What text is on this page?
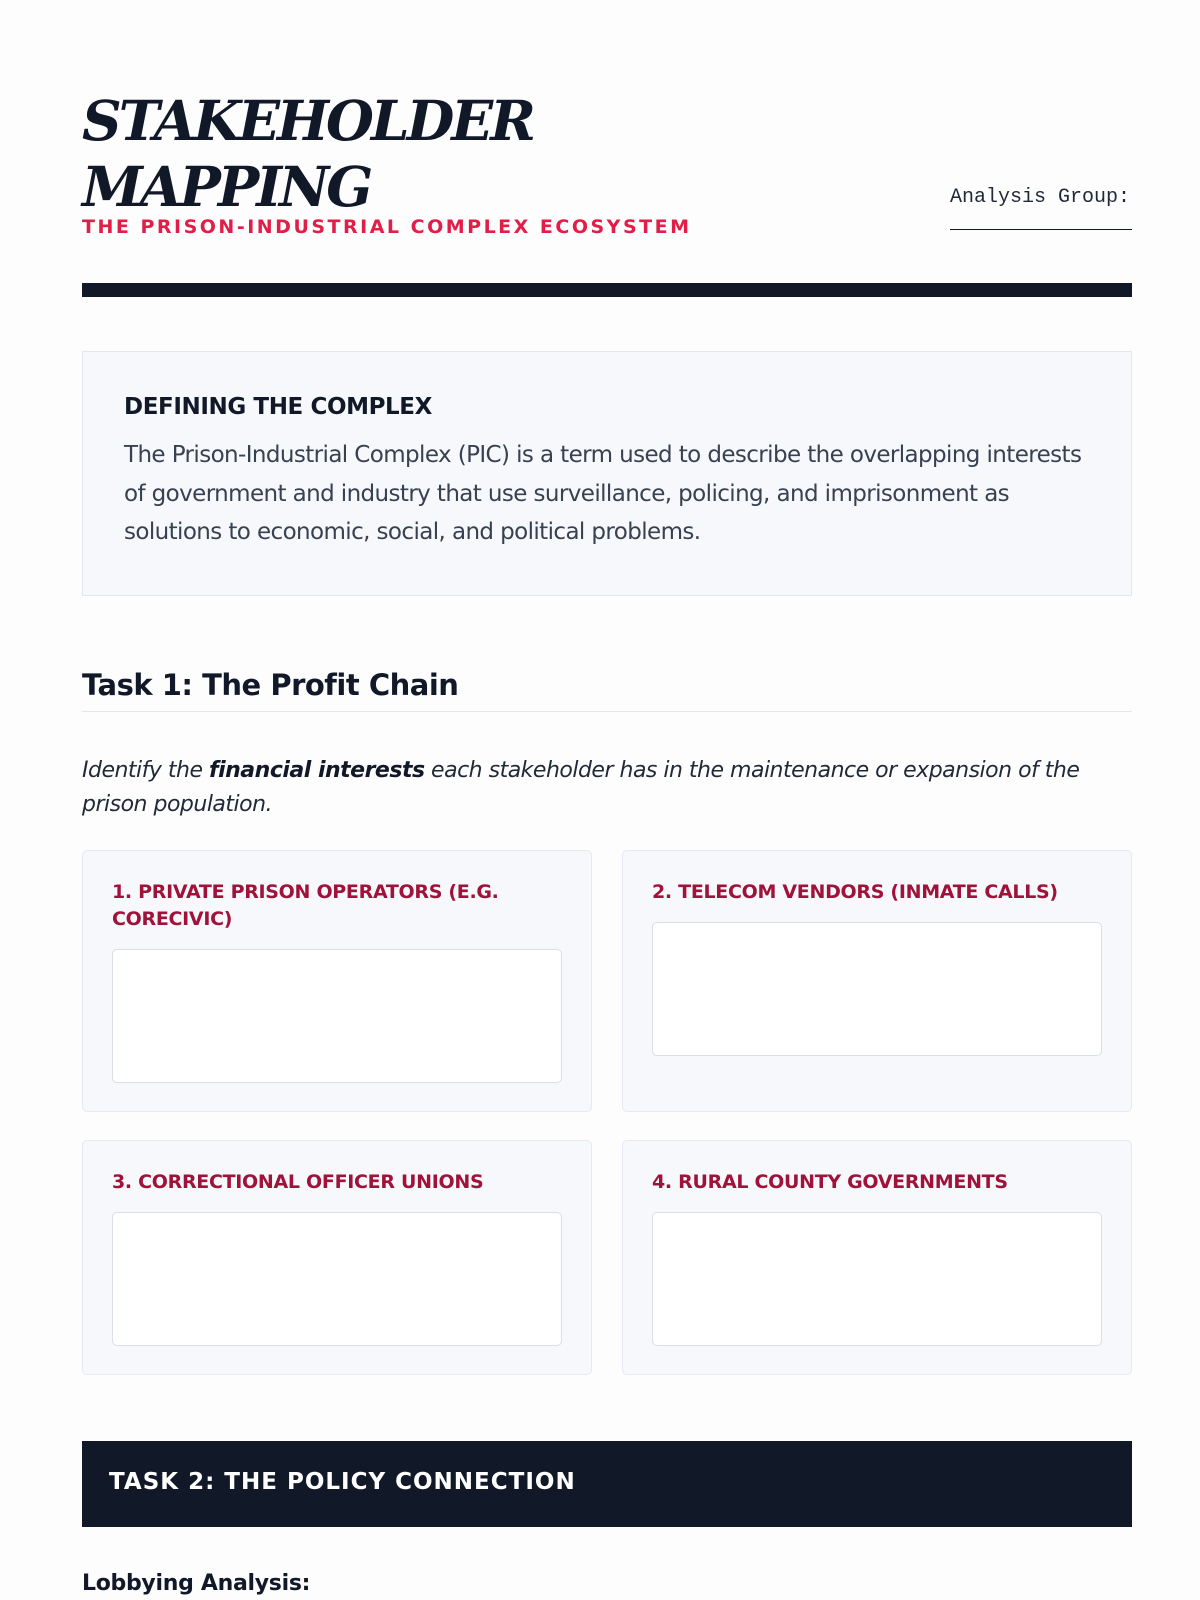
STAKEHOLDER
MAPPING
THE PRISON-INDUSTRIAL COMPLEX ECOSYSTEM
Analysis Group:
DEFINING THE COMPLEX

The Prison-Industrial Complex (PIC) is a term used to describe the overlapping interests of government and industry that use surveillance, policing, and imprisonment as solutions to economic, social, and political problems.

Task 1: The Profit Chain

Identify the financial interests each stakeholder has in the maintenance or expansion of the prison population.

1. PRIVATE PRISON OPERATORS (E.G. CORECIVIC)
2. TELECOM VENDORS (INMATE CALLS)
3. CORRECTIONAL OFFICER UNIONS	4. RURAL COUNTY GOVERNMENTS
TASK 2: THE POLICY CONNECTION
Lobbying Analysis:
